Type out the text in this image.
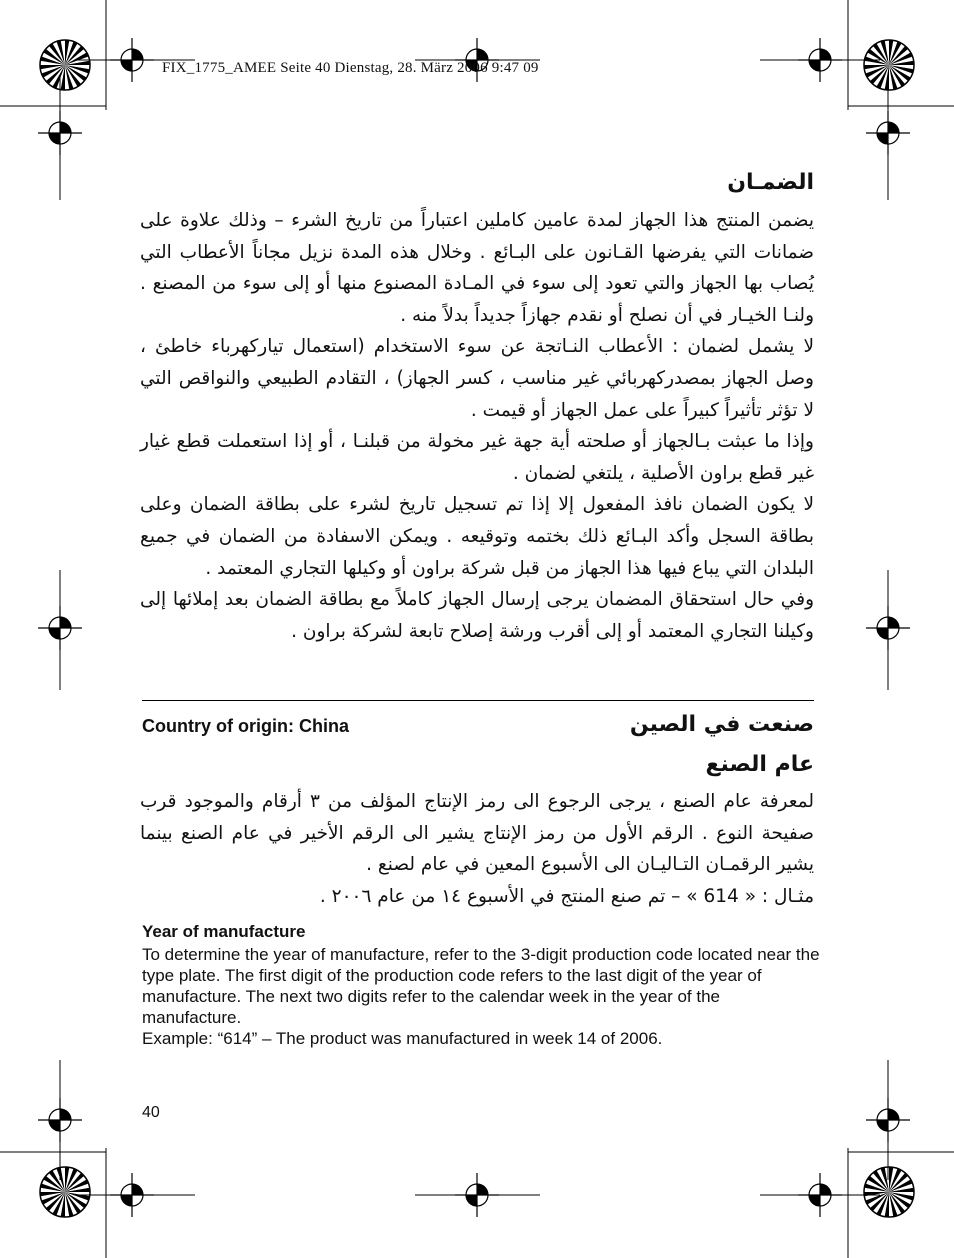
FIX_1775_AMEE Seite 40 Dienstag, 28. März 2006 9:47 09
الضمـان

يضمن المنتج هذا الجهاز لمدة عامين كاملين اعتباراً من تاريخ الشرء – وذلك علاوة على ضمانات التي يفرضها القـانون على البـائع . وخلال هذه المدة نزيل مجاناً الأعطاب التي يُصاب بها الجهاز والتي تعود إلى سوء في المـادة المصنوع منها أو إلى سوء من المصنع . ولنـا الخيـار في أن نصلح أو نقدم جهازاً جديداً بدلاً منه .

لا يشمل لضمان : الأعطاب النـاتجة عن سوء الاستخدام (استعمال تياركهرباء خاطئ ، وصل الجهاز بمصدركهربائي غير مناسب ، كسر الجهاز) ، التقادم الطبيعي والنواقص التي لا تؤثر تأثيراً كبيراً على عمل الجهاز أو قيمت .

وإذا ما عبثت بـالجهاز أو صلحته أية جهة غير مخولة من قبلنـا ، أو إذا استعملت قطع غيار غير قطع براون الأصلية ، يلتغي لضمان .

لا يكون الضمان نافذ المفعول إلا إذا تم تسجيل تاريخ لشرء على بطاقة الضمان وعلى بطاقة السجل وأكد البـائع ذلك بختمه وتوقيعه . ويمكن الاسفادة من الضمان في جميع البلدان التي يباع فيها هذا الجهاز من قبل شركة براون أو وكيلها التجاري المعتمد .

وفي حال استحقاق المضمان يرجى إرسال الجهاز كاملاً مع بطاقة الضمان بعد إملائها إلى وكيلنا التجاري المعتمد أو إلى أقرب ورشة إصلاح تابعة لشركة براون .

Country of origin: China	صنعت في الصين
عام الصنع

لمعرفة عام الصنع ، يرجى الرجوع الى رمز الإنتاج المؤلف من ٣ أرقام والموجود قرب صفيحة النوع . الرقم الأول من رمز الإنتاج يشير الى الرقم الأخير في عام الصنع بينما يشير الرقمـان التـاليـان الى الأسبوع المعين في عام لصنع .

مثـال : « 614 » – تم صنع المنتج في الأسبوع ١٤ من عام ٢٠٠٦ .

Year of manufacture
To determine the year of manufacture, refer to the 3-digit production code located near the type plate. The first digit of the production code refers to the last digit of the year of manufacture. The next two digits refer to the calendar week in the year of the manufacture.
Example: “614” – The product was manufactured in week 14 of 2006.
40
